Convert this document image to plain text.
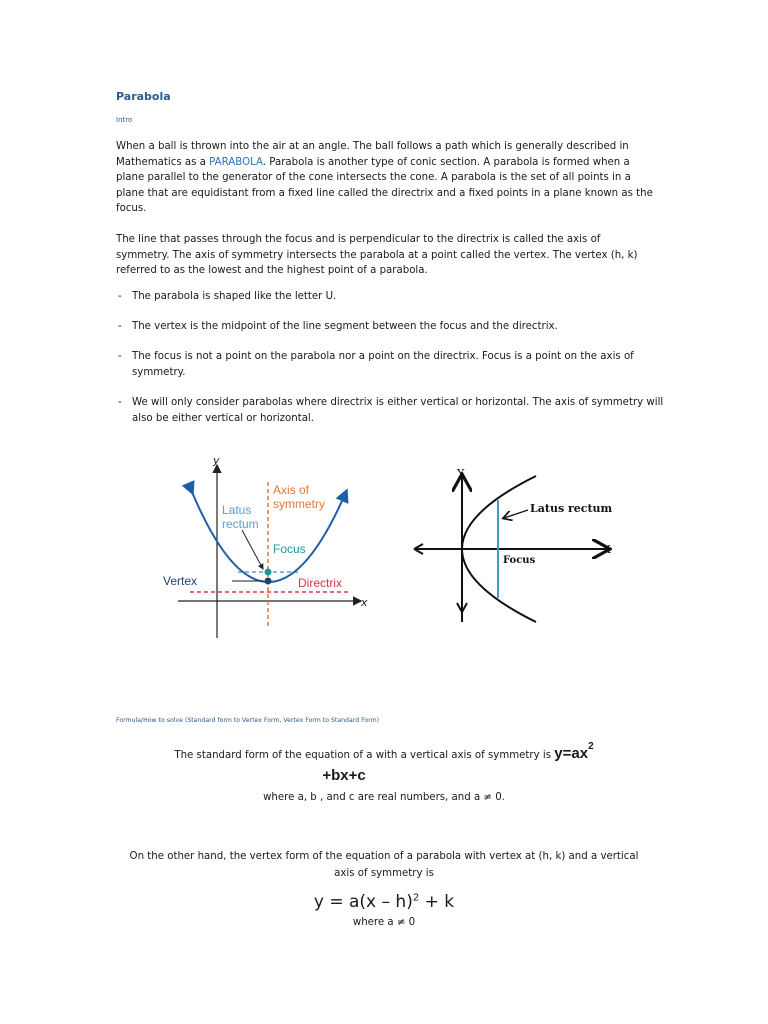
Parabola
Intro
When a ball is thrown into the air at an angle. The ball follows a path which is generally described in Mathematics as a PARABOLA. Parabola is another type of conic section. A parabola is formed when a plane parallel to the generator of the cone intersects the cone. A parabola is the set of all points in a plane that are equidistant from a fixed line called the directrix and a fixed points in a plane known as the focus.
The line that passes through the focus and is perpendicular to the directrix is called the axis of symmetry. The axis of symmetry intersects the parabola at a point called the vertex. The vertex (h, k) referred to as the lowest and the highest point of a parabola.
- The parabola is shaped like the letter U.
- The vertex is the midpoint of the line segment between the focus and the directrix.
- The focus is not a point on the parabola nor a point on the directrix. Focus is a point on the axis of symmetry.
- We will only consider parabolas where directrix is either vertical or horizontal. The axis of symmetry will also be either vertical or horizontal.
y
x
Axis of
symmetry
Latus
rectum
Focus
Vertex	Directrix
Y
X
Latus rectum
Focus
Formula/How to solve (Standard form to Vertex Form, Vertex Form to Standard Form)
The standard form of the equation of a with a vertical axis of symmetry is $y=ax^2$
+bx+c
where a, b , and c are real numbers, and a ≠ 0.
On the other hand, the vertex form of the equation of a parabola with vertex at (h, k) and a vertical
axis of symmetry is
y = a(x – h)$^2$ + k
where a ≠ 0
